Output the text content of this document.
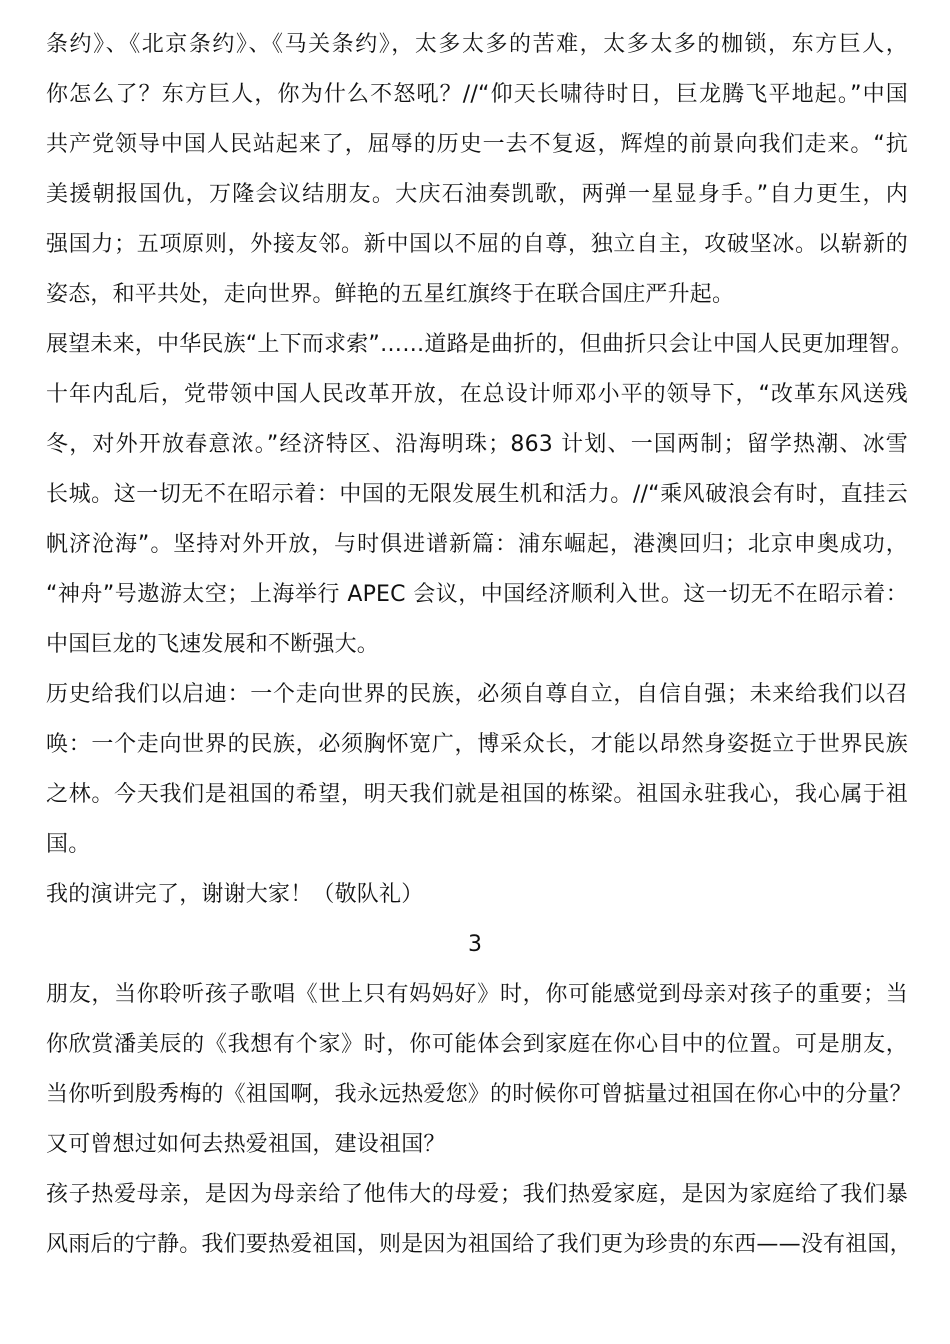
条约》、《北京条约》、《马关条约》，太多太多的苦难，太多太多的枷锁，东方巨人，
你怎么了？东方巨人，你为什么不怒吼？//“仰天长啸待时日，巨龙腾飞平地起。”中国
共产党领导中国人民站起来了，屈辱的历史一去不复返，辉煌的前景向我们走来。“抗
美援朝报国仇，万隆会议结朋友。大庆石油奏凯歌，两弹一星显身手。”自力更生，内
强国力；五项原则，外接友邻。新中国以不屈的自尊，独立自主，攻破坚冰。以崭新的
姿态，和平共处，走向世界。鲜艳的五星红旗终于在联合国庄严升起。
展望未来，中华民族“上下而求索”……道路是曲折的，但曲折只会让中国人民更加理智。
十年内乱后，党带领中国人民改革开放，在总设计师邓小平的领导下，“改革东风送残
冬，对外开放春意浓。”经济特区、沿海明珠；863 计划、一国两制；留学热潮、冰雪
长城。这一切无不在昭示着：中国的无限发展生机和活力。//“乘风破浪会有时，直挂云
帆济沧海”。坚持对外开放，与时俱进谱新篇：浦东崛起，港澳回归；北京申奥成功，
“神舟”号遨游太空；上海举行 APEC 会议，中国经济顺利入世。这一切无不在昭示着：
中国巨龙的飞速发展和不断强大。
历史给我们以启迪：一个走向世界的民族，必须自尊自立，自信自强；未来给我们以召
唤：一个走向世界的民族，必须胸怀宽广，博采众长，才能以昂然身姿挺立于世界民族
之林。今天我们是祖国的希望，明天我们就是祖国的栋梁。祖国永驻我心，我心属于祖
国。
我的演讲完了，谢谢大家！（敬队礼）
3
朋友，当你聆听孩子歌唱《世上只有妈妈好》时，你可能感觉到母亲对孩子的重要；当
你欣赏潘美辰的《我想有个家》时，你可能体会到家庭在你心目中的位置。可是朋友，
当你听到殷秀梅的《祖国啊，我永远热爱您》的时候你可曾掂量过祖国在你心中的分量？
又可曾想过如何去热爱祖国，建设祖国？
孩子热爱母亲，是因为母亲给了他伟大的母爱；我们热爱家庭，是因为家庭给了我们暴
风雨后的宁静。我们要热爱祖国，则是因为祖国给了我们更为珍贵的东西——没有祖国，
